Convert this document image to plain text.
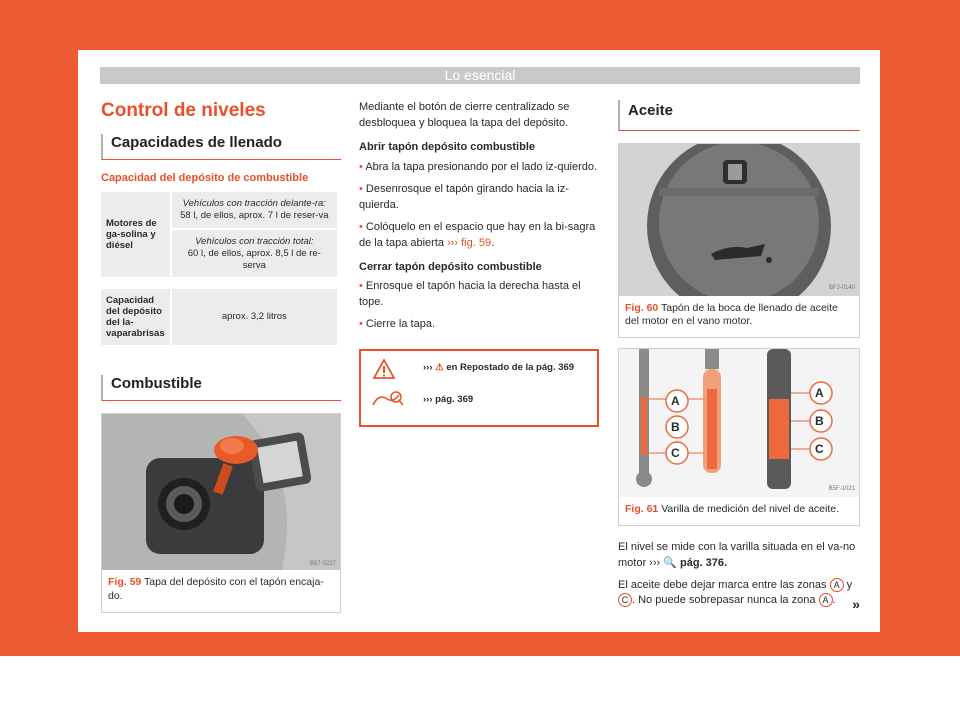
Lo esencial
49
Control de niveles
Capacidades de llenado
Capacidad del depósito de combustible
Motores de ga-solina y diésel	Vehículos con tracción delante-ra:
58 l, de ellos, aprox. 7 l de reser-va

	Vehículos con tracción total:
60 l, de ellos, aprox. 8,5 l de re-serva

Capacidad del depósito del la-vaparabrisas	aprox. 3,2 litros
Combustible
B57-0227
Fig. 59 Tapa del depósito con el tapón encaja-do.

Mediante el botón de cierre centralizado se desbloquea y bloquea la tapa del depósito.

Abrir tapón depósito combustible

• Abra la tapa presionando por el lado iz-quierdo.

• Desenrosque el tapón girando hacia la iz-quierda.

• Colóquelo en el espacio que hay en la bi-sagra de la tapa abierta ››› fig. 59.

Cerrar tapón depósito combustible

• Enrosque el tapón hacia la derecha hasta el tope.

• Cierre la tapa.

››› ⚠ en Repostado de la pág. 369
››› pág. 369
Aceite
BFJ-0140
Fig. 60 Tapón de la boca de llenado de aceite del motor en el vano motor.
A
B
C
A
B
C
B5F-1021
Fig. 61 Varilla de medición del nivel de aceite.

El nivel se mide con la varilla situada en el va-no motor ››› 🔍 pág. 376.

El aceite debe dejar marca entre las zonas A y C . No puede sobrepasar nunca la zona A .	»
